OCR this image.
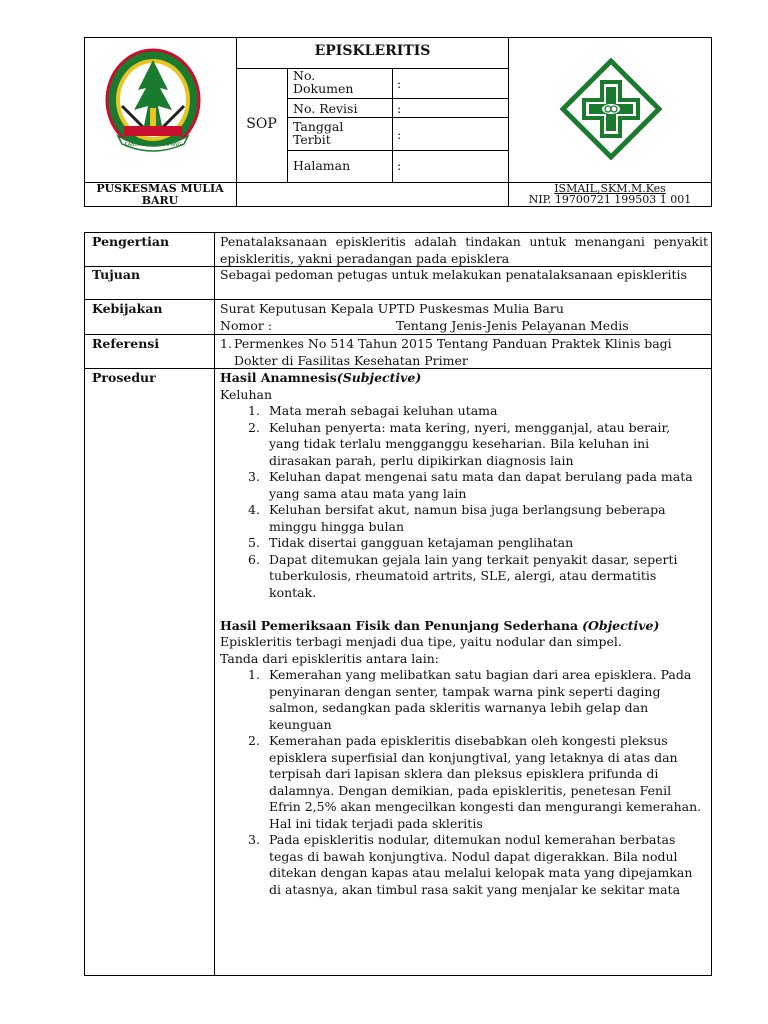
KABUPATEN KETAPANG
EPISKLERITIS
SOP
No. Dokumen	:
No. Revisi	:
Tanggal Terbit	:
Halaman	:
PUSKESMAS MULIA BARU
ISMAIL,SKM.M.Kes
NIP. 19700721 199503 1 001
Pengertian	Penatalaksanaan episkleritis adalah tindakan untuk menangani penyakit episkleritis, yakni peradangan pada episklera
Tujuan	Sebagai pedoman petugas untuk melakukan penatalaksanaan episkleritis
Kebijakan	Surat Keputusan Kepala UPTD Puskesmas Mulia Baru
Nomor :	Tentang Jenis-Jenis Pelayanan Medis
Referensi	1. Permenkes No 514 Tahun 2015 Tentang Panduan Praktek Klinis bagi Dokter di Fasilitas Kesehatan Primer
Prosedur	Hasil Anamnesis(Subjective)
Keluhan
1. Mata merah sebagai keluhan utama
2. Keluhan penyerta: mata kering, nyeri, mengganjal, atau berair, yang tidak terlalu mengganggu keseharian. Bila keluhan ini dirasakan parah, perlu dipikirkan diagnosis lain
3. Keluhan dapat mengenai satu mata dan dapat berulang pada mata yang sama atau mata yang lain
4. Keluhan bersifat akut, namun bisa juga berlangsung beberapa minggu hingga bulan
5. Tidak disertai gangguan ketajaman penglihatan
6. Dapat ditemukan gejala lain yang terkait penyakit dasar, seperti tuberkulosis, rheumatoid artrits, SLE, alergi, atau dermatitis kontak.
Hasil Pemeriksaan Fisik dan Penunjang Sederhana (Objective)
Episkleritis terbagi menjadi dua tipe, yaitu nodular dan simpel.
Tanda dari episkleritis antara lain:
1. Kemerahan yang melibatkan satu bagian dari area episklera. Pada penyinaran dengan senter, tampak warna pink seperti daging salmon, sedangkan pada skleritis warnanya lebih gelap dan keunguan
2. Kemerahan pada episkleritis disebabkan oleh kongesti pleksus episklera superfisial dan konjungtival, yang letaknya di atas dan terpisah dari lapisan sklera dan pleksus episklera prifunda di dalamnya. Dengan demikian, pada episkleritis, penetesan Fenil Efrin 2,5% akan mengecilkan kongesti dan mengurangi kemerahan. Hal ini tidak terjadi pada skleritis
3. Pada episkleritis nodular, ditemukan nodul kemerahan berbatas tegas di bawah konjungtiva. Nodul dapat digerakkan. Bila nodul ditekan dengan kapas atau melalui kelopak mata yang dipejamkan di atasnya, akan timbul rasa sakit yang menjalar ke sekitar mata
